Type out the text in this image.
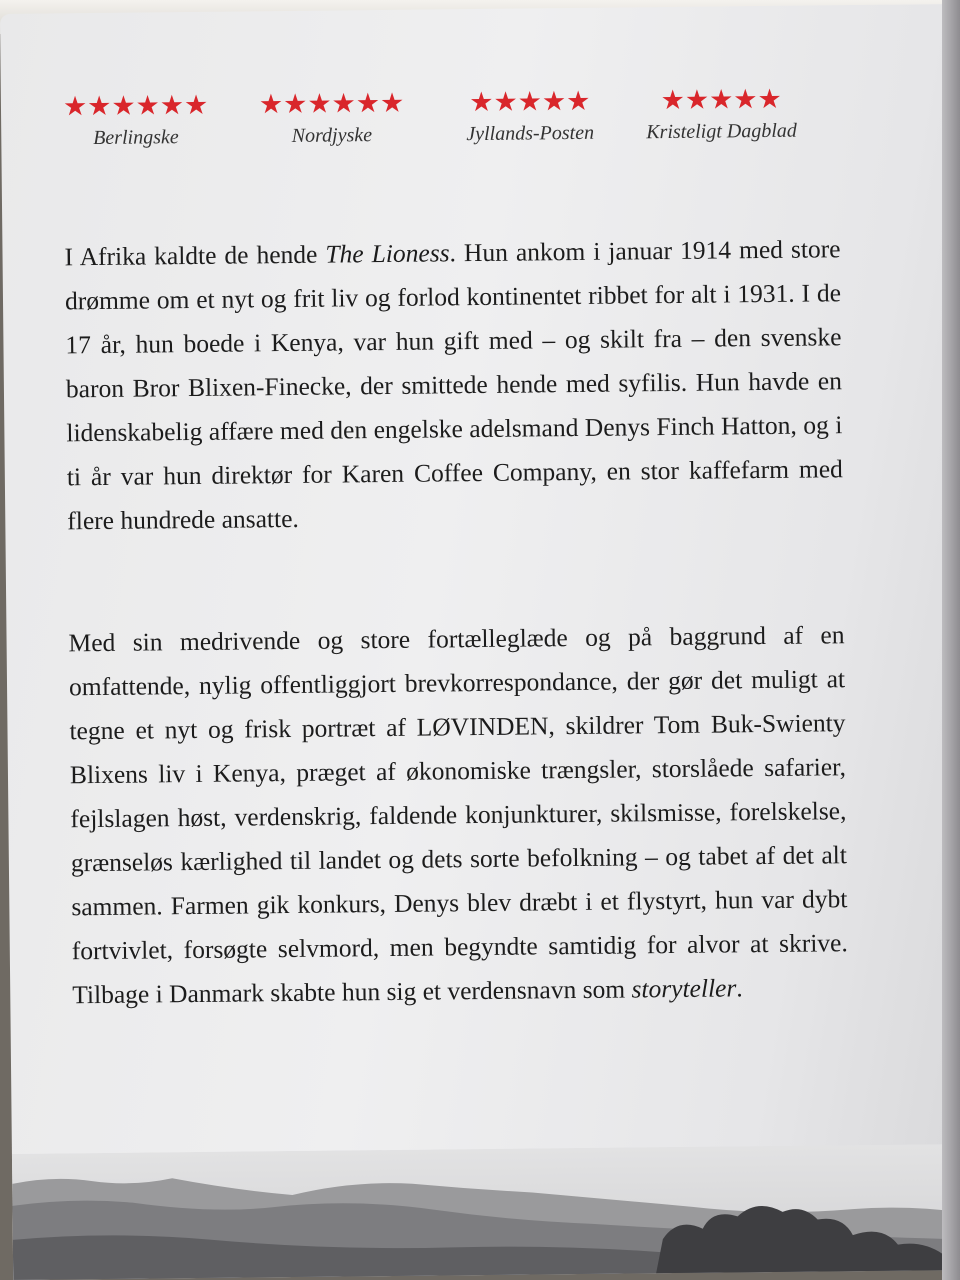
★★★★★★
Berlingske
★★★★★★
Nordjyske
★★★★★
Jyllands-Posten
★★★★★
Kristeligt Dagblad

I Afrika kaldte de hende The Lioness. Hun ankom i januar 1914 med store drømme om et nyt og frit liv og forlod kontinentet ribbet for alt i 1931. I de 17 år, hun boede i Kenya, var hun gift med – og skilt fra – den svenske baron Bror Blixen-Finecke, der smittede hende med syfilis. Hun havde en lidenskabelig affære med den engelske adelsmand Denys Finch Hatton, og i ti år var hun direktør for Karen Coffee Company, en stor kaffefarm med flere hundrede ansatte.

Med sin medrivende og store fortælleglæde og på baggrund af en omfattende, nylig offentliggjort brevkorrespondance, der gør det muligt at tegne et nyt og frisk portræt af LØVINDEN, skildrer Tom Buk-Swienty Blixens liv i Kenya, præget af økonomiske trængsler, storslåede safarier, fejlslagen høst, verdenskrig, faldende konjunkturer, skilsmisse, forelskelse, grænseløs kærlighed til landet og dets sorte befolkning – og tabet af det alt sammen. Farmen gik konkurs, Denys blev dræbt i et flystyrt, hun var dybt fortvivlet, forsøgte selvmord, men begyndte samtidig for alvor at skrive. Tilbage i Danmark skabte hun sig et verdensnavn som storyteller.
